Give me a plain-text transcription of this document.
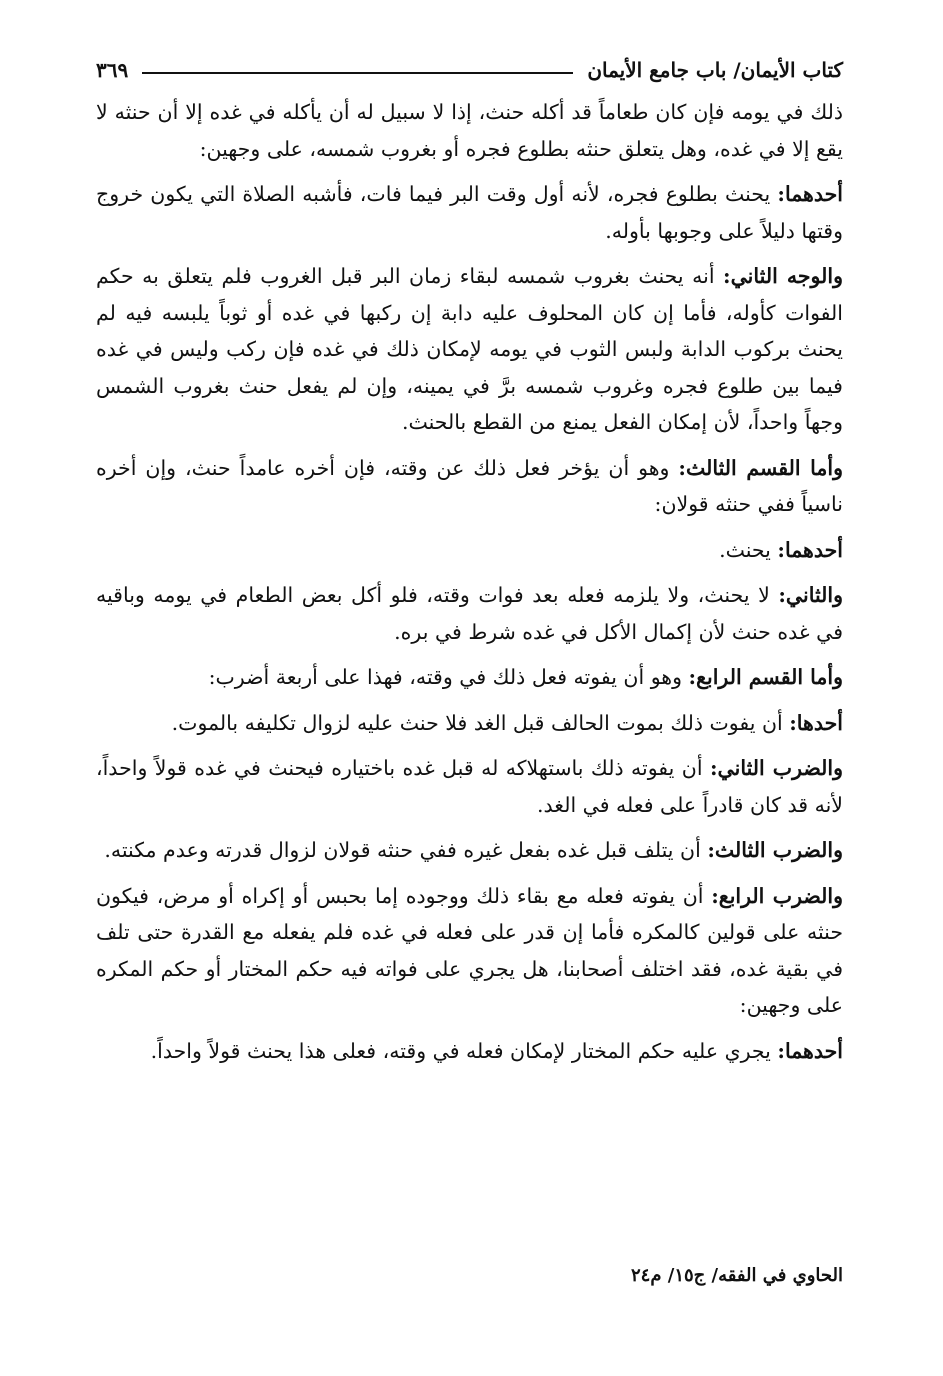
كتاب الأيمان/ باب جامع الأيمان
٣٦٩

ذلك في يومه فإن كان طعاماً قد أكله حنث، إذا لا سبيل له أن يأكله في غده إلا أن حنثه لا يقع إلا في غده، وهل يتعلق حنثه بطلوع فجره أو بغروب شمسه، على وجهين:

أحدهما: يحنث بطلوع فجره، لأنه أول وقت البر فيما فات، فأشبه الصلاة التي يكون خروج وقتها دليلاً على وجوبها بأوله.

والوجه الثاني: أنه يحنث بغروب شمسه لبقاء زمان البر قبل الغروب فلم يتعلق به حكم الفوات كأوله، فأما إن كان المحلوف عليه دابة إن ركبها في غده أو ثوباً يلبسه فيه لم يحنث بركوب الدابة ولبس الثوب في يومه لإمكان ذلك في غده فإن ركب وليس في غده فيما بين طلوع فجره وغروب شمسه برَّ في يمينه، وإن لم يفعل حنث بغروب الشمس وجهاً واحداً، لأن إمكان الفعل يمنع من القطع بالحنث.

وأما القسم الثالث: وهو أن يؤخر فعل ذلك عن وقته، فإن أخره عامداً حنث، وإن أخره ناسياً ففي حنثه قولان:

أحدهما: يحنث.

والثاني: لا يحنث، ولا يلزمه فعله بعد فوات وقته، فلو أكل بعض الطعام في يومه وباقيه في غده حنث لأن إكمال الأكل في غده شرط في بره.

وأما القسم الرابع: وهو أن يفوته فعل ذلك في وقته، فهذا على أربعة أضرب:

أحدها: أن يفوت ذلك بموت الحالف قبل الغد فلا حنث عليه لزوال تكليفه بالموت.

والضرب الثاني: أن يفوته ذلك باستهلاكه له قبل غده باختياره فيحنث في غده قولاً واحداً، لأنه قد كان قادراً على فعله في الغد.

والضرب الثالث: أن يتلف قبل غده بفعل غيره ففي حنثه قولان لزوال قدرته وعدم مكنته.

والضرب الرابع: أن يفوته فعله مع بقاء ذلك ووجوده إما بحبس أو إكراه أو مرض، فيكون حنثه على قولين كالمكره فأما إن قدر على فعله في غده فلم يفعله مع القدرة حتى تلف في بقية غده، فقد اختلف أصحابنا، هل يجري على فواته فيه حكم المختار أو حكم المكره على وجهين:

أحدهما: يجري عليه حكم المختار لإمكان فعله في وقته، فعلى هذا يحنث قولاً واحداً.

الحاوي في الفقه/ ج١٥/ م٢٤
